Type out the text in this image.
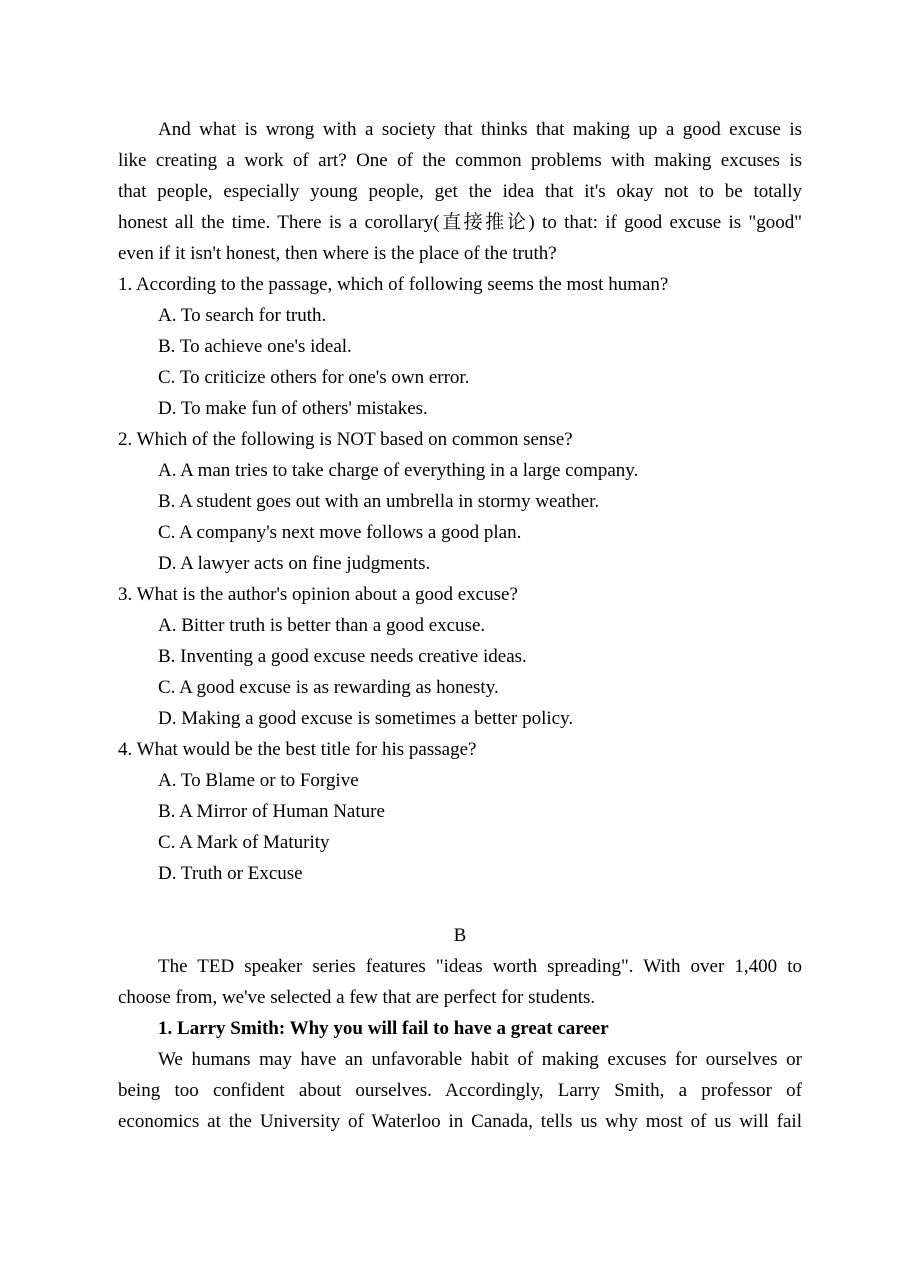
And what is wrong with a society that thinks that making up a good excuse is
like creating a work of art? One of the common problems with making excuses is
that people, especially young people, get the idea that it's okay not to be totally
honest all the time. There is a corollary(直接推论) to that: if good excuse is "good"
even if it isn't honest, then where is the place of the truth?
1. According to the passage, which of following seems the most human?
A. To search for truth.
B. To achieve one's ideal.
C. To criticize others for one's own error.
D. To make fun of others' mistakes.
2. Which of the following is NOT based on common sense?
A. A man tries to take charge of everything in a large company.
B. A student goes out with an umbrella in stormy weather.
C. A company's next move follows a good plan.
D. A lawyer acts on fine judgments.
3. What is the author's opinion about a good excuse?
A. Bitter truth is better than a good excuse.
B. Inventing a good excuse needs creative ideas.
C. A good excuse is as rewarding as honesty.
D. Making a good excuse is sometimes a better policy.
4. What would be the best title for his passage?
A. To Blame or to Forgive
B. A Mirror of Human Nature
C. A Mark of Maturity
D. Truth or Excuse
B
The TED speaker series features "ideas worth spreading". With over 1,400 to
choose from, we've selected a few that are perfect for students.
1. Larry Smith: Why you will fail to have a great career
We humans may have an unfavorable habit of making excuses for ourselves or
being too confident about ourselves. Accordingly, Larry Smith, a professor of
economics at the University of Waterloo in Canada, tells us why most of us will fail
